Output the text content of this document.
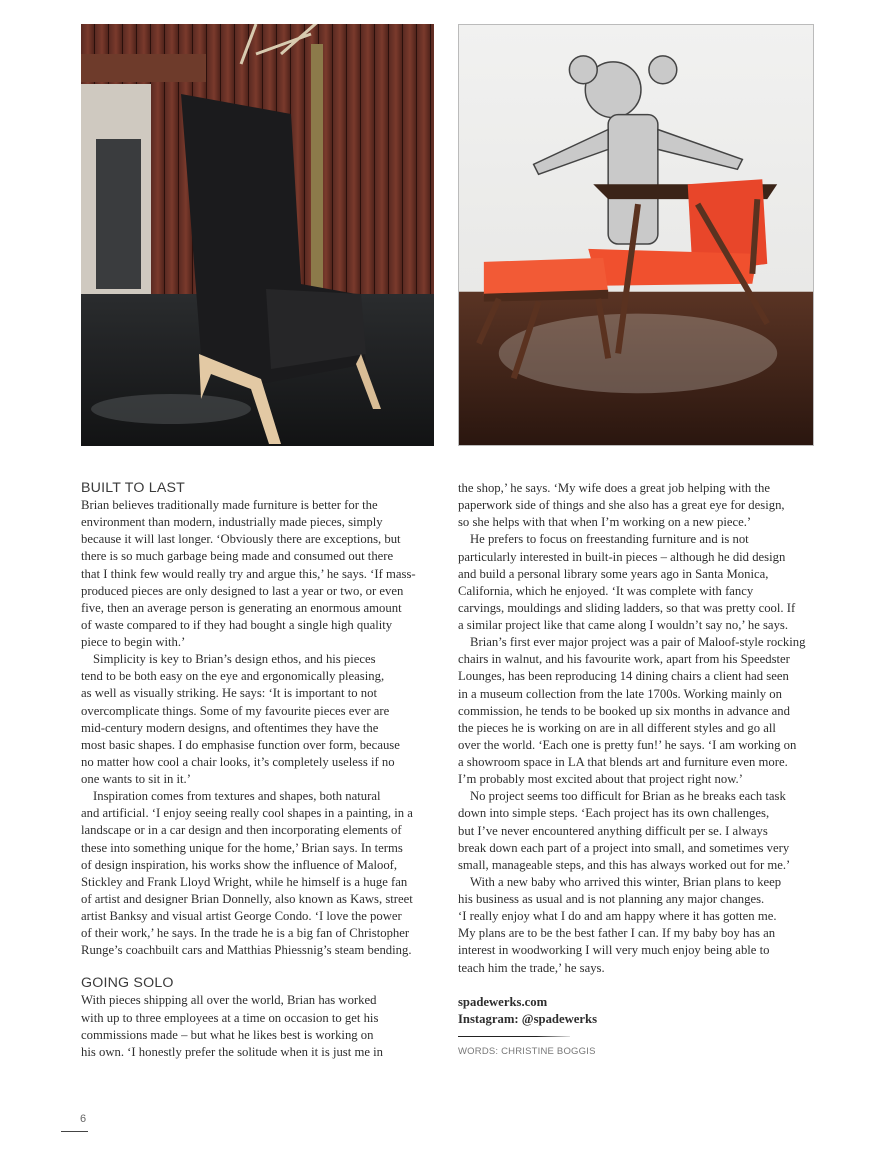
BUILT TO LAST
Brian believes traditionally made furniture is better for the
environment than modern, industrially made pieces, simply
because it will last longer. ‘Obviously there are exceptions, but
there is so much garbage being made and consumed out there
that I think few would really try and argue this,’ he says. ‘If mass-
produced pieces are only designed to last a year or two, or even
five, then an average person is generating an enormous amount
of waste compared to if they had bought a single high quality
piece to begin with.’
Simplicity is key to Brian’s design ethos, and his pieces
tend to be both easy on the eye and ergonomically pleasing,
as well as visually striking. He says: ‘It is important to not
overcomplicate things. Some of my favourite pieces ever are
mid-century modern designs, and oftentimes they have the
most basic shapes. I do emphasise function over form, because
no matter how cool a chair looks, it’s completely useless if no
one wants to sit in it.’
Inspiration comes from textures and shapes, both natural
and artificial. ‘I enjoy seeing really cool shapes in a painting, in a
landscape or in a car design and then incorporating elements of
these into something unique for the home,’ Brian says. In terms
of design inspiration, his works show the influence of Maloof,
Stickley and Frank Lloyd Wright, while he himself is a huge fan
of artist and designer Brian Donnelly, also known as Kaws, street
artist Banksy and visual artist George Condo. ‘I love the power
of their work,’ he says. In the trade he is a big fan of Christopher
Runge’s coachbuilt cars and Matthias Phiessnig’s steam bending.
GOING SOLO
With pieces shipping all over the world, Brian has worked
with up to three employees at a time on occasion to get his
commissions made – but what he likes best is working on
his own. ‘I honestly prefer the solitude when it is just me in
the shop,’ he says. ‘My wife does a great job helping with the
paperwork side of things and she also has a great eye for design,
so she helps with that when I’m working on a new piece.’
He prefers to focus on freestanding furniture and is not
particularly interested in built-in pieces – although he did design
and build a personal library some years ago in Santa Monica,
California, which he enjoyed. ‘It was complete with fancy
carvings, mouldings and sliding ladders, so that was pretty cool. If
a similar project like that came along I wouldn’t say no,’ he says.
Brian’s first ever major project was a pair of Maloof-style rocking
chairs in walnut, and his favourite work, apart from his Speedster
Lounges, has been reproducing 14 dining chairs a client had seen
in a museum collection from the late 1700s. Working mainly on
commission, he tends to be booked up six months in advance and
the pieces he is working on are in all different styles and go all
over the world. ‘Each one is pretty fun!’ he says. ‘I am working on
a showroom space in LA that blends art and furniture even more.
I’m probably most excited about that project right now.’
No project seems too difficult for Brian as he breaks each task
down into simple steps. ‘Each project has its own challenges,
but I’ve never encountered anything difficult per se. I always
break down each part of a project into small, and sometimes very
small, manageable steps, and this has always worked out for me.’
With a new baby who arrived this winter, Brian plans to keep
his business as usual and is not planning any major changes.
‘I really enjoy what I do and am happy where it has gotten me.
My plans are to be the best father I can. If my baby boy has an
interest in woodworking I will very much enjoy being able to
teach him the trade,’ he says.
spadewerks.com
Instagram: @spadewerks
WORDS: CHRISTINE BOGGIS
6
